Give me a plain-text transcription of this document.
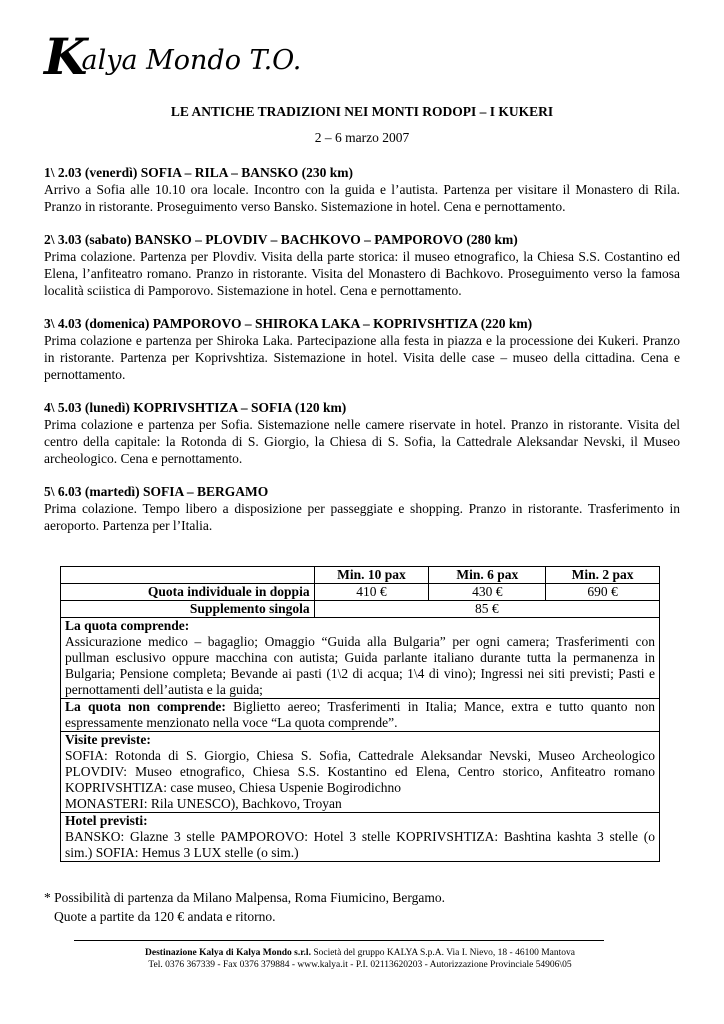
K
alya Mondo T.O.
LE ANTICHE TRADIZIONI NEI MONTI RODOPI – I KUKERI
2 – 6 marzo 2007
1\ 2.03 (venerdì) SOFIA – RILA – BANSKO (230 km)
Arrivo a Sofia alle 10.10 ora locale. Incontro con la guida e l’autista. Partenza per visitare il Monastero di Rila. Pranzo in ristorante. Proseguimento verso Bansko. Sistemazione in hotel. Cena e pernottamento.
2\ 3.03 (sabato) BANSKO – PLOVDIV – BACHKOVO – PAMPOROVO (280 km)
Prima colazione. Partenza per Plovdiv. Visita della parte storica: il museo etnografico, la Chiesa S.S. Costantino ed Elena, l’anfiteatro romano. Pranzo in ristorante. Visita del Monastero di Bachkovo. Proseguimento verso la famosa località sciistica di Pamporovo. Sistemazione in hotel. Cena e pernottamento.
3\ 4.03 (domenica) PAMPOROVO – SHIROKA LAKA – KOPRIVSHTIZA (220 km)
Prima colazione e partenza per Shiroka Laka. Partecipazione alla festa in piazza e la processione dei Kukeri. Pranzo in ristorante. Partenza per Koprivshtiza. Sistemazione in hotel. Visita delle case – museo della cittadina. Cena e pernottamento.
4\ 5.03 (lunedì) KOPRIVSHTIZA – SOFIA (120 km)
Prima colazione e partenza per Sofia. Sistemazione nelle camere riservate in hotel. Pranzo in ristorante. Visita del centro della capitale: la Rotonda di S. Giorgio, la Chiesa di S. Sofia, la Cattedrale Aleksandar Nevski, il Museo archeologico. Cena e pernottamento.
5\ 6.03 (martedì) SOFIA – BERGAMO
Prima colazione. Tempo libero a disposizione per passeggiate e shopping. Pranzo in ristorante. Trasferimento in aeroporto. Partenza per l’Italia.
	Min. 10 pax	Min. 6 pax	Min. 2 pax
Quota individuale in doppia	410 €	430 €	690 €
Supplemento singola	85 €		

La quota comprende:
Assicurazione medico – bagaglio; Omaggio “Guida alla Bulgaria” per ogni camera; Trasferimenti con pullman esclusivo oppure macchina con autista; Guida parlante italiano durante tutta la permanenza in Bulgaria; Pensione completa; Bevande ai pasti (1\2 di acqua; 1\4 di vino); Ingressi nei siti previsti; Pasti e pernottamenti dell’autista e la guida;			

La quota non comprende: Biglietto aereo; Trasferimenti in Italia; Mance, extra e tutto quanto non espressamente menzionato nella voce “La quota comprende”.			

Visite previste:
SOFIA: Rotonda di S. Giorgio, Chiesa S. Sofia, Cattedrale Aleksandar Nevski, Museo Archeologico PLOVDIV: Museo etnografico, Chiesa S.S. Kostantino ed Elena, Centro storico, Anfiteatro romano KOPRIVSHTIZA: case museo, Chiesa Uspenie Bogirodichno
MONASTERI: Rila UNESCO), Bachkovo, Troyan			

Hotel previsti:
BANSKO: Glazne 3 stelle PAMPOROVO: Hotel 3 stelle KOPRIVSHTIZA: Bashtina kashta 3 stelle (o sim.) SOFIA: Hemus 3 LUX stelle (o sim.)			
* Possibilità di partenza da Milano Malpensa, Roma Fiumicino, Bergamo.
Quote a partite da 120 € andata e ritorno.
Destinazione Kalya di Kalya Mondo s.r.l. Società del gruppo KALYA S.p.A. Via I. Nievo, 18 - 46100 Mantova
Tel. 0376 367339 - Fax 0376 379884 - www.kalya.it - P.I. 02113620203 - Autorizzazione Provinciale 54906\05
